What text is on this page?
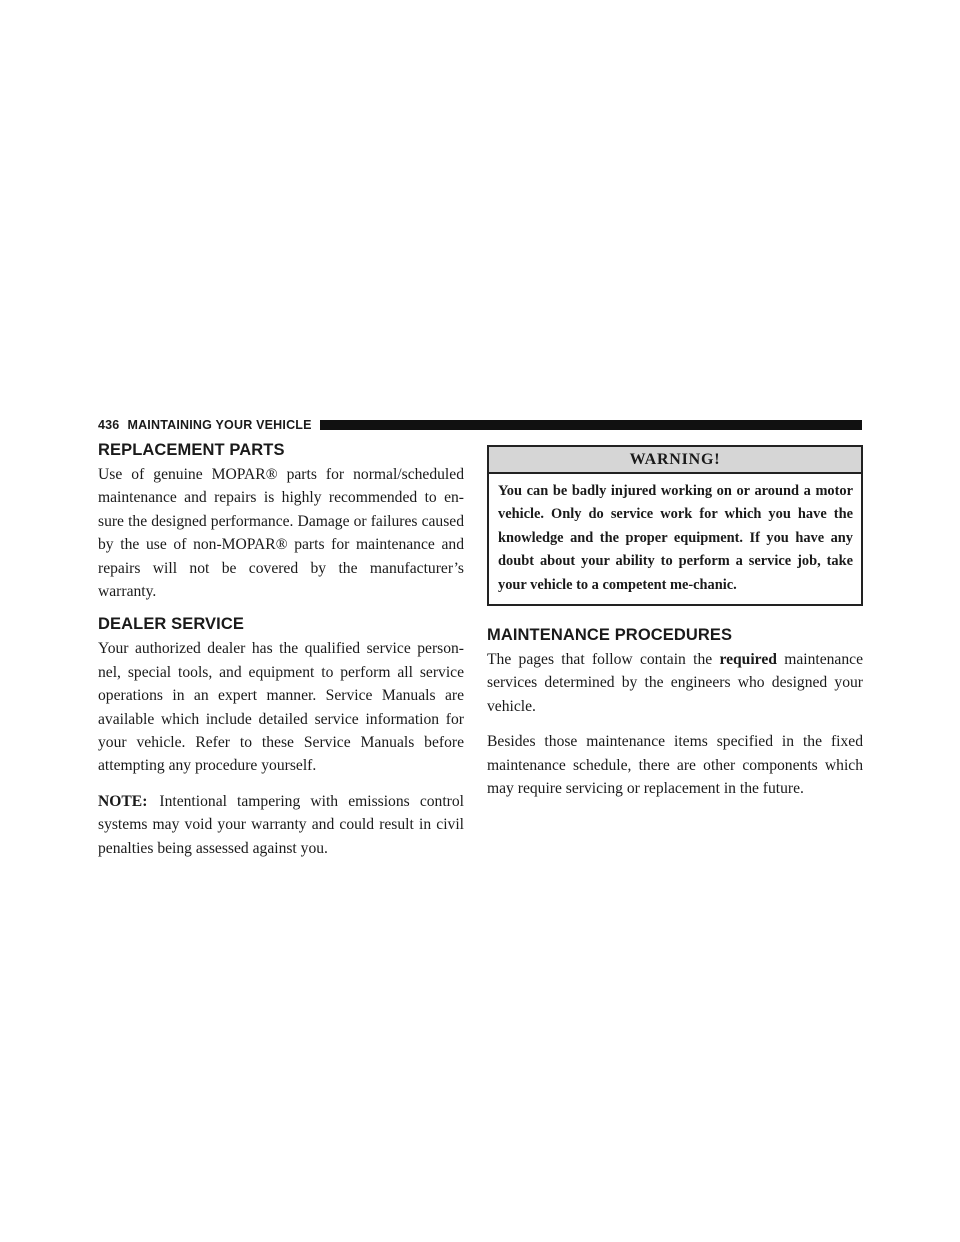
436 MAINTAINING YOUR VEHICLE
REPLACEMENT PARTS

Use of genuine MOPAR® parts for normal/scheduled maintenance and repairs is highly recommended to en-sure the designed performance. Damage or failures caused by the use of non-MOPAR® parts for maintenance and repairs will not be covered by the manufacturer’s warranty.

DEALER SERVICE

Your authorized dealer has the qualified service person-nel, special tools, and equipment to perform all service operations in an expert manner. Service Manuals are available which include detailed service information for your vehicle. Refer to these Service Manuals before attempting any procedure yourself.

NOTE: Intentional tampering with emissions control systems may void your warranty and could result in civil penalties being assessed against you.

WARNING!

You can be badly injured working on or around a motor vehicle. Only do service work for which you have the knowledge and the proper equipment. If you have any doubt about your ability to perform a service job, take your vehicle to a competent me-chanic.

MAINTENANCE PROCEDURES

The pages that follow contain the required maintenance services determined by the engineers who designed your vehicle.

Besides those maintenance items specified in the fixed maintenance schedule, there are other components which may require servicing or replacement in the future.
